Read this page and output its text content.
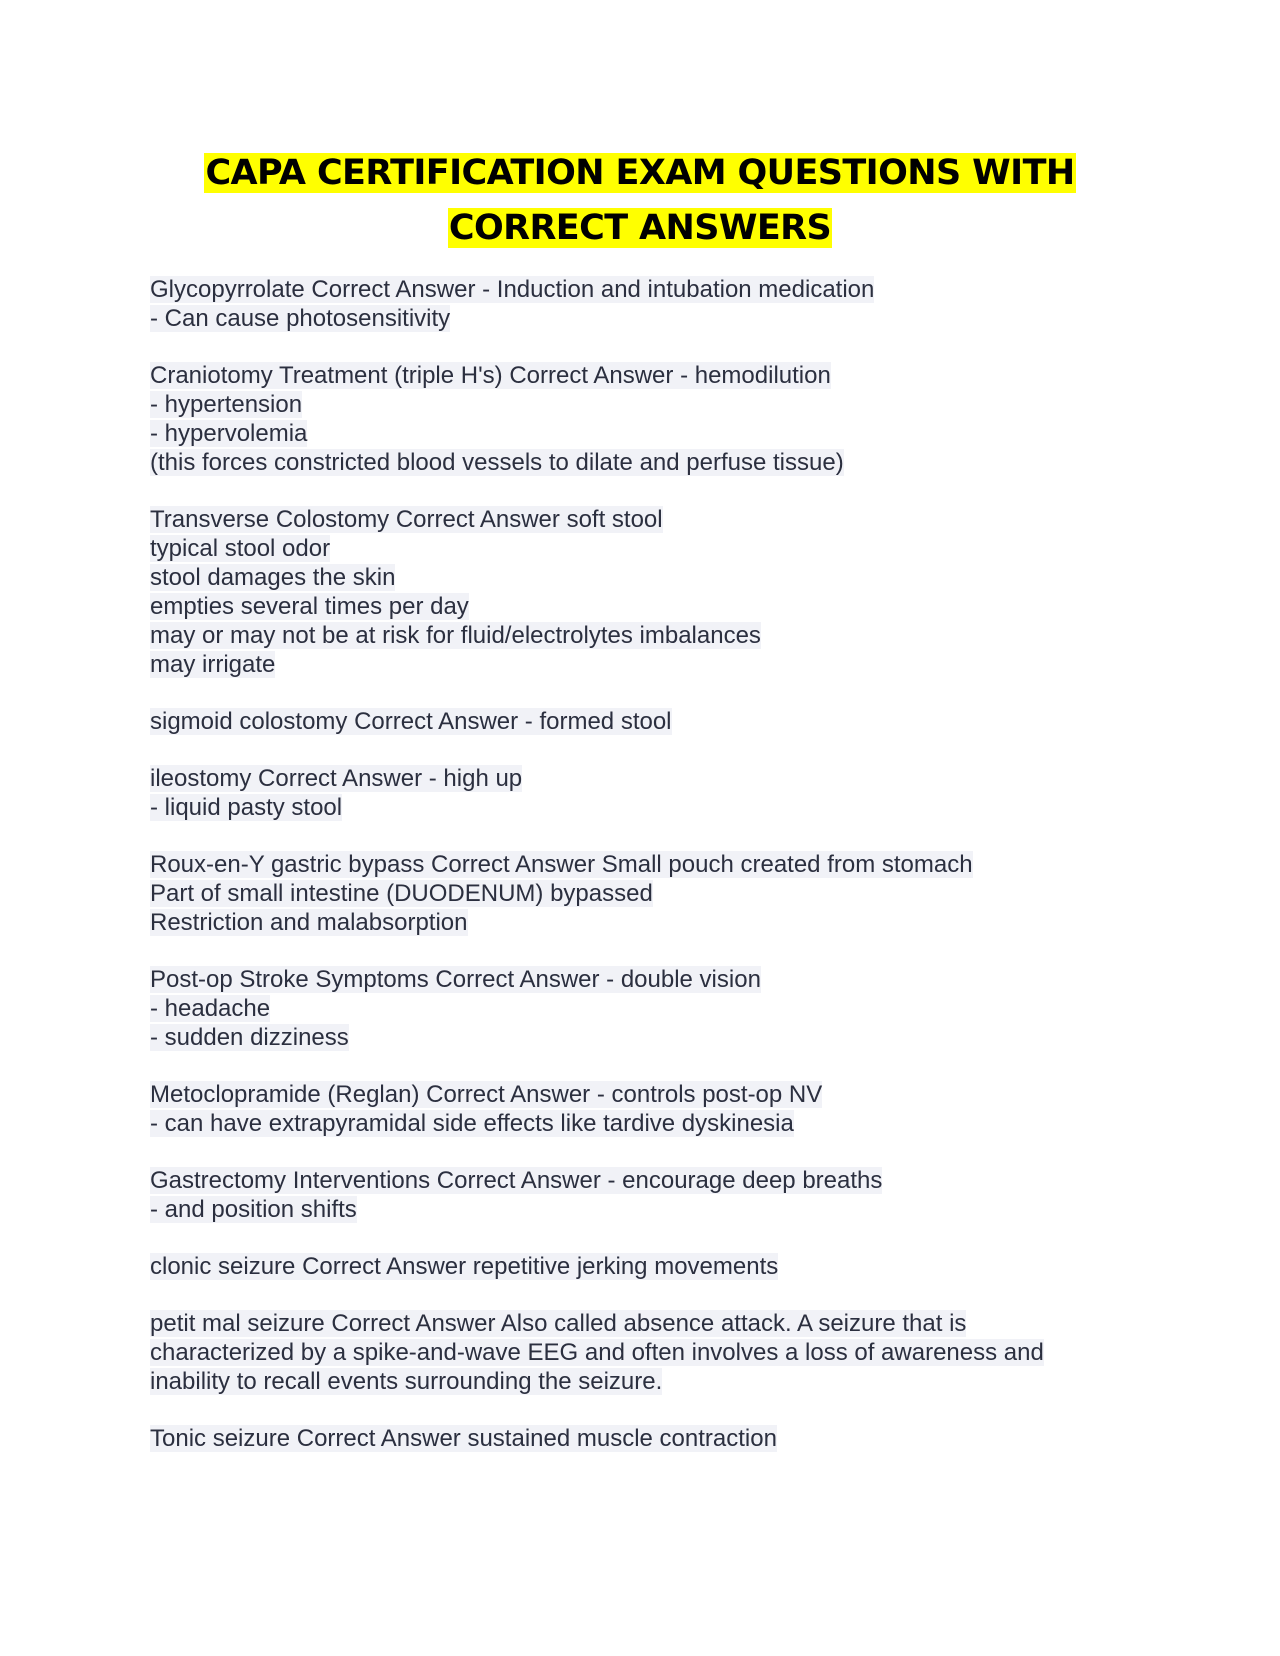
CAPA CERTIFICATION EXAM QUESTIONS WITH CORRECT ANSWERS
Glycopyrrolate Correct Answer - Induction and intubation medication
- Can cause photosensitivity
Craniotomy Treatment (triple H's) Correct Answer - hemodilution
- hypertension
- hypervolemia
(this forces constricted blood vessels to dilate and perfuse tissue)
Transverse Colostomy Correct Answer soft stool
typical stool odor
stool damages the skin
empties several times per day
may or may not be at risk for fluid/electrolytes imbalances
may irrigate
sigmoid colostomy Correct Answer - formed stool
ileostomy Correct Answer - high up
- liquid pasty stool
Roux-en-Y gastric bypass Correct Answer Small pouch created from stomach
Part of small intestine (DUODENUM) bypassed
Restriction and malabsorption
Post-op Stroke Symptoms Correct Answer - double vision
- headache
- sudden dizziness
Metoclopramide (Reglan) Correct Answer - controls post-op NV
- can have extrapyramidal side effects like tardive dyskinesia
Gastrectomy Interventions Correct Answer - encourage deep breaths
- and position shifts
clonic seizure Correct Answer repetitive jerking movements
petit mal seizure Correct Answer Also called absence attack. A seizure that is
characterized by a spike-and-wave EEG and often involves a loss of awareness and
inability to recall events surrounding the seizure.
Tonic seizure Correct Answer sustained muscle contraction
